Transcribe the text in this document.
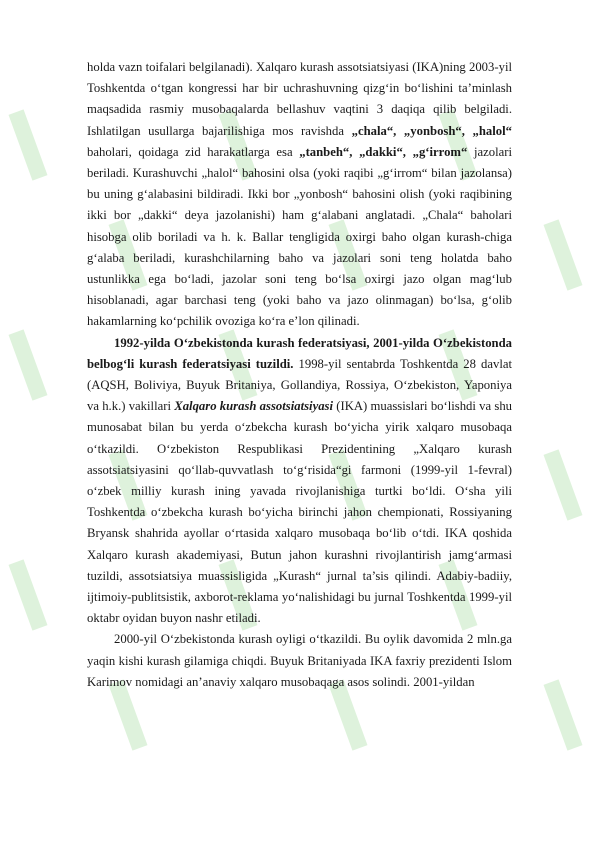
holda vazn toifalari belgilanadi). Xalqaro kurash assotsiatsiyasi (IKA)ning 2003-yil Toshkentda o‘tgan kongressi har bir uchrashuvning qizg‘in bo‘lishini ta’minlash maqsadida rasmiy musobaqalarda bellashuv vaqtini 3 daqiqa qilib belgiladi. Ishlatilgan usullarga bajarilishiga mos ravishda „chala“, „yonbosh“, „halol“ baholari, qoidaga zid harakatlarga esa „tanbeh“, „dakki“, „g‘irrom“ jazolari beriladi. Kurashuvchi „halol“ bahosini olsa (yoki raqibi „g‘irrom“ bilan jazolansa) bu uning g‘alabasini bildiradi. Ikki bor „yonbosh“ bahosini olish (yoki raqibining ikki bor „dakki“ deya jazolanishi) ham g‘alabani anglatadi. „Chala“ baholari hisobga olib boriladi va h. k. Ballar tengligida oxirgi baho olgan kurash-chiga g‘alaba beriladi, kurashchilarning baho va jazolari soni teng holatda baho ustunlikka ega bo‘ladi, jazolar soni teng bo‘lsa oxirgi jazo olgan mag‘lub hisoblanadi, agar barchasi teng (yoki baho va jazo olinmagan) bo‘lsa, g‘olib hakamlarning ko‘pchilik ovoziga ko‘ra e’lon qilinadi.

1992-yilda O‘zbekistonda kurash federatsiyasi, 2001-yilda O‘zbekistonda belbog‘li kurash federatsiyasi tuzildi. 1998-yil sentabrda Toshkentda 28 davlat (AQSH, Boliviya, Buyuk Britaniya, Gollandiya, Rossiya, O‘zbekiston, Yaponiya va h.k.) vakillari Xalqaro kurash assotsiatsiyasi (IKA) muassislari bo‘lishdi va shu munosabat bilan bu yerda o‘zbekcha kurash bo‘yicha yirik xalqaro musobaqa o‘tkazildi. O‘zbekiston Respublikasi Prezidentining „Xalqaro kurash assotsiatsiyasini qo‘llab-quvvatlash to‘g‘risida“gi farmoni (1999-yil 1-fevral) o‘zbek milliy kurash ining yavada rivojlanishiga turtki bo‘ldi. O‘sha yili Toshkentda o‘zbekcha kurash bo‘yicha birinchi jahon chempionati, Rossiyaning Bryansk shahrida ayollar o‘rtasida xalqaro musobaqa bo‘lib o‘tdi. IKA qoshida Xalqaro kurash akademiyasi, Butun jahon kurashni rivojlantirish jamg‘armasi tuzildi, assotsiatsiya muassisligida „Kurash“ jurnal ta’sis qilindi. Adabiy-badiiy, ijtimoiy-publitsistik, axborot-reklama yo‘nalishidagi bu jurnal Toshkentda 1999-yil oktabr oyidan buyon nashr etiladi.

2000-yil O‘zbekistonda kurash oyligi o‘tkazildi. Bu oylik davomida 2 mln.ga yaqin kishi kurash gilamiga chiqdi. Buyuk Britaniyada IKA faxriy prezidenti Islom Karimov nomidagi an’anaviy xalqaro musobaqaga asos solindi. 2001-yildan
